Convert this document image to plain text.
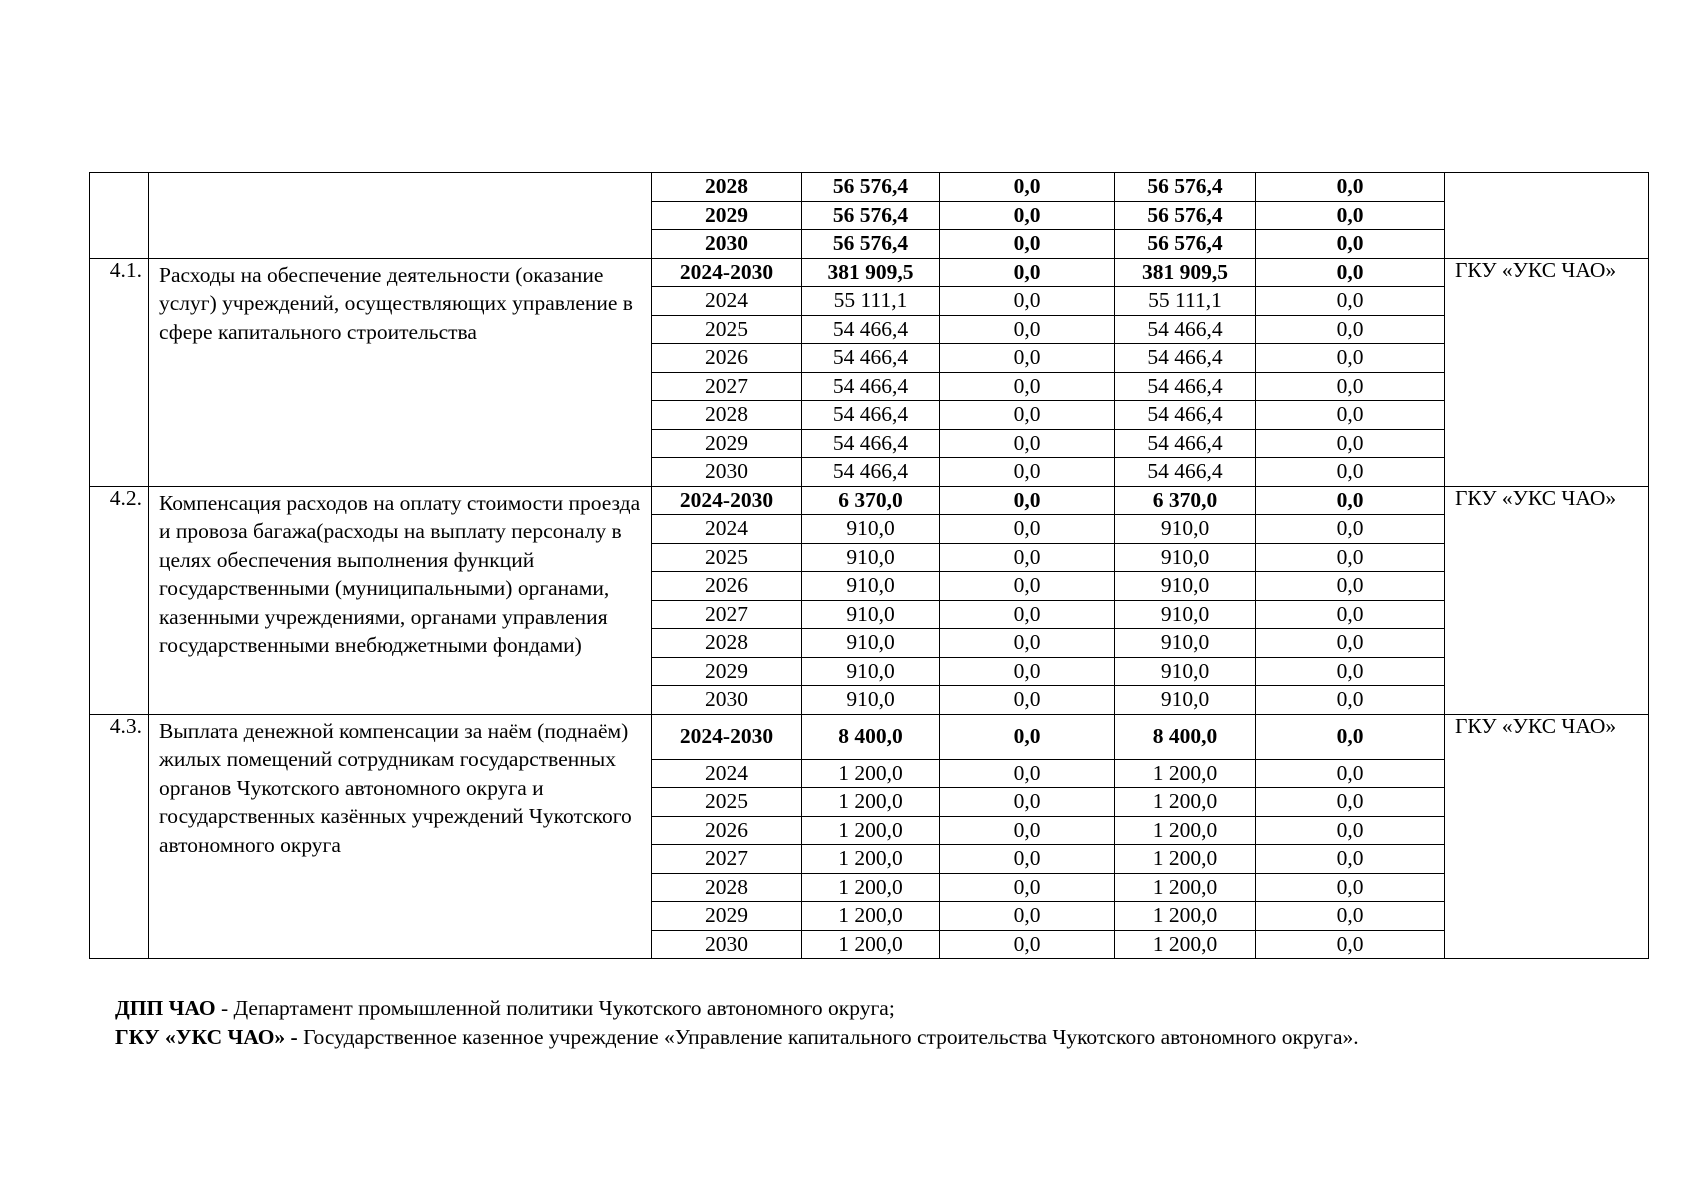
		2028	56 576,4	0,0	56 576,4	0,0	
		2029	56 576,4	0,0	56 576,4	0,0	
		2030	56 576,4	0,0	56 576,4	0,0	
4.1.	Расходы на обеспечение деятельности (оказание услуг) учреждений, осуществляющих управление в сфере капитального строительства	2024-2030	381 909,5	0,0	381 909,5	0,0	ГКУ «УКС ЧАО»
		2024	55 111,1	0,0	55 111,1	0,0	
		2025	54 466,4	0,0	54 466,4	0,0	
		2026	54 466,4	0,0	54 466,4	0,0	
		2027	54 466,4	0,0	54 466,4	0,0	
		2028	54 466,4	0,0	54 466,4	0,0	
		2029	54 466,4	0,0	54 466,4	0,0	
		2030	54 466,4	0,0	54 466,4	0,0	
4.2.	Компенсация расходов на оплату стоимости проезда и провоза багажа(расходы на выплату персоналу в целях обеспечения выполнения функций государственными (муниципальными) органами, казенными учреждениями, органами управления государственными внебюджетными фондами)	2024-2030	6 370,0	0,0	6 370,0	0,0	ГКУ «УКС ЧАО»
		2024	910,0	0,0	910,0	0,0	
		2025	910,0	0,0	910,0	0,0	
		2026	910,0	0,0	910,0	0,0	
		2027	910,0	0,0	910,0	0,0	
		2028	910,0	0,0	910,0	0,0	
		2029	910,0	0,0	910,0	0,0	
		2030	910,0	0,0	910,0	0,0	
4.3.	Выплата денежной компенсации за наём (поднаём) жилых помещений сотрудникам государственных органов Чукотского автономного округа и государственных казённых учреждений Чукотского автономного округа	2024-2030	8 400,0	0,0	8 400,0	0,0	ГКУ «УКС ЧАО»
		2024	1 200,0	0,0	1 200,0	0,0	
		2025	1 200,0	0,0	1 200,0	0,0	
		2026	1 200,0	0,0	1 200,0	0,0	
		2027	1 200,0	0,0	1 200,0	0,0	
		2028	1 200,0	0,0	1 200,0	0,0	
		2029	1 200,0	0,0	1 200,0	0,0	
		2030	1 200,0	0,0	1 200,0	0,0	
ДПП ЧАО - Департамент промышленной политики Чукотского автономного округа;
ГКУ «УКС ЧАО» - Государственное казенное учреждение «Управление капитального строительства Чукотского автономного округа».
